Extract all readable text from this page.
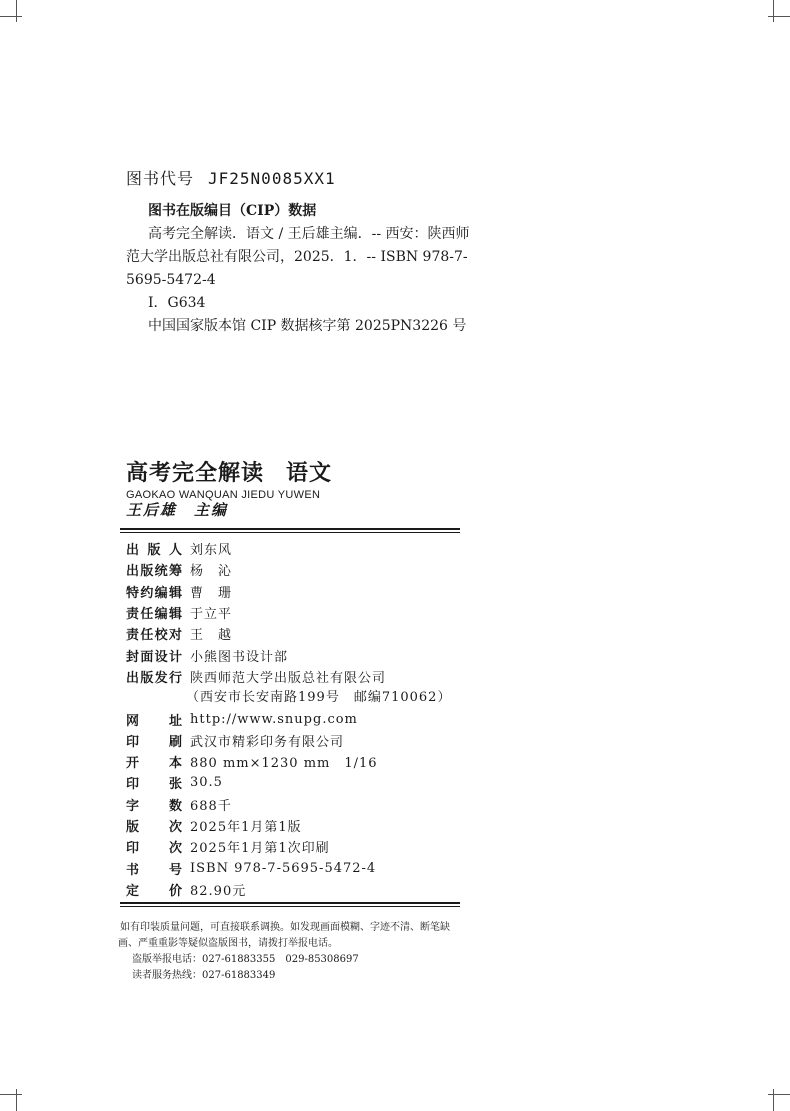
图书代号 JF25N0085XX1
图书在版编目（CIP）数据

高考完全解读．语文 / 王后雄主编．-- 西安：陕西师范大学出版总社有限公司，2025．1．-- ISBN 978-7-5695-5472-4

Ⅰ．G634
中国国家版本馆 CIP 数据核字第 2025PN3226 号
高考完全解读 语文
GAOKAO WANQUAN JIEDU YUWEN
王后雄　主编
出 版 人 刘东风
出 版 统 筹 杨　沁
特 约 编 辑 曹　珊
责 任 编 辑 于立平
责 任 校 对 王　越
封 面 设 计 小熊图书设计部
出 版 发 行 陕西师范大学出版总社有限公司
（西安市长安南路199号　邮编710062）
网 址 http://www.snupg.com
印 刷 武汉市精彩印务有限公司
开 本 880 mm×1230 mm　1/16
印 张 30.5
字 数 688千
版 次 2025年1月第1版
印 次 2025年1月第1次印刷
书 号 ISBN 978-7-5695-5472-4
定 价 82.90元

如有印装质量问题，可直接联系调换。如发现画面模糊、字迹不清、断笔缺画、严重重影等疑似盗版图书，请拨打举报电话。

盗版举报电话：027-61883355　029-85308697

读者服务热线：027-61883349
